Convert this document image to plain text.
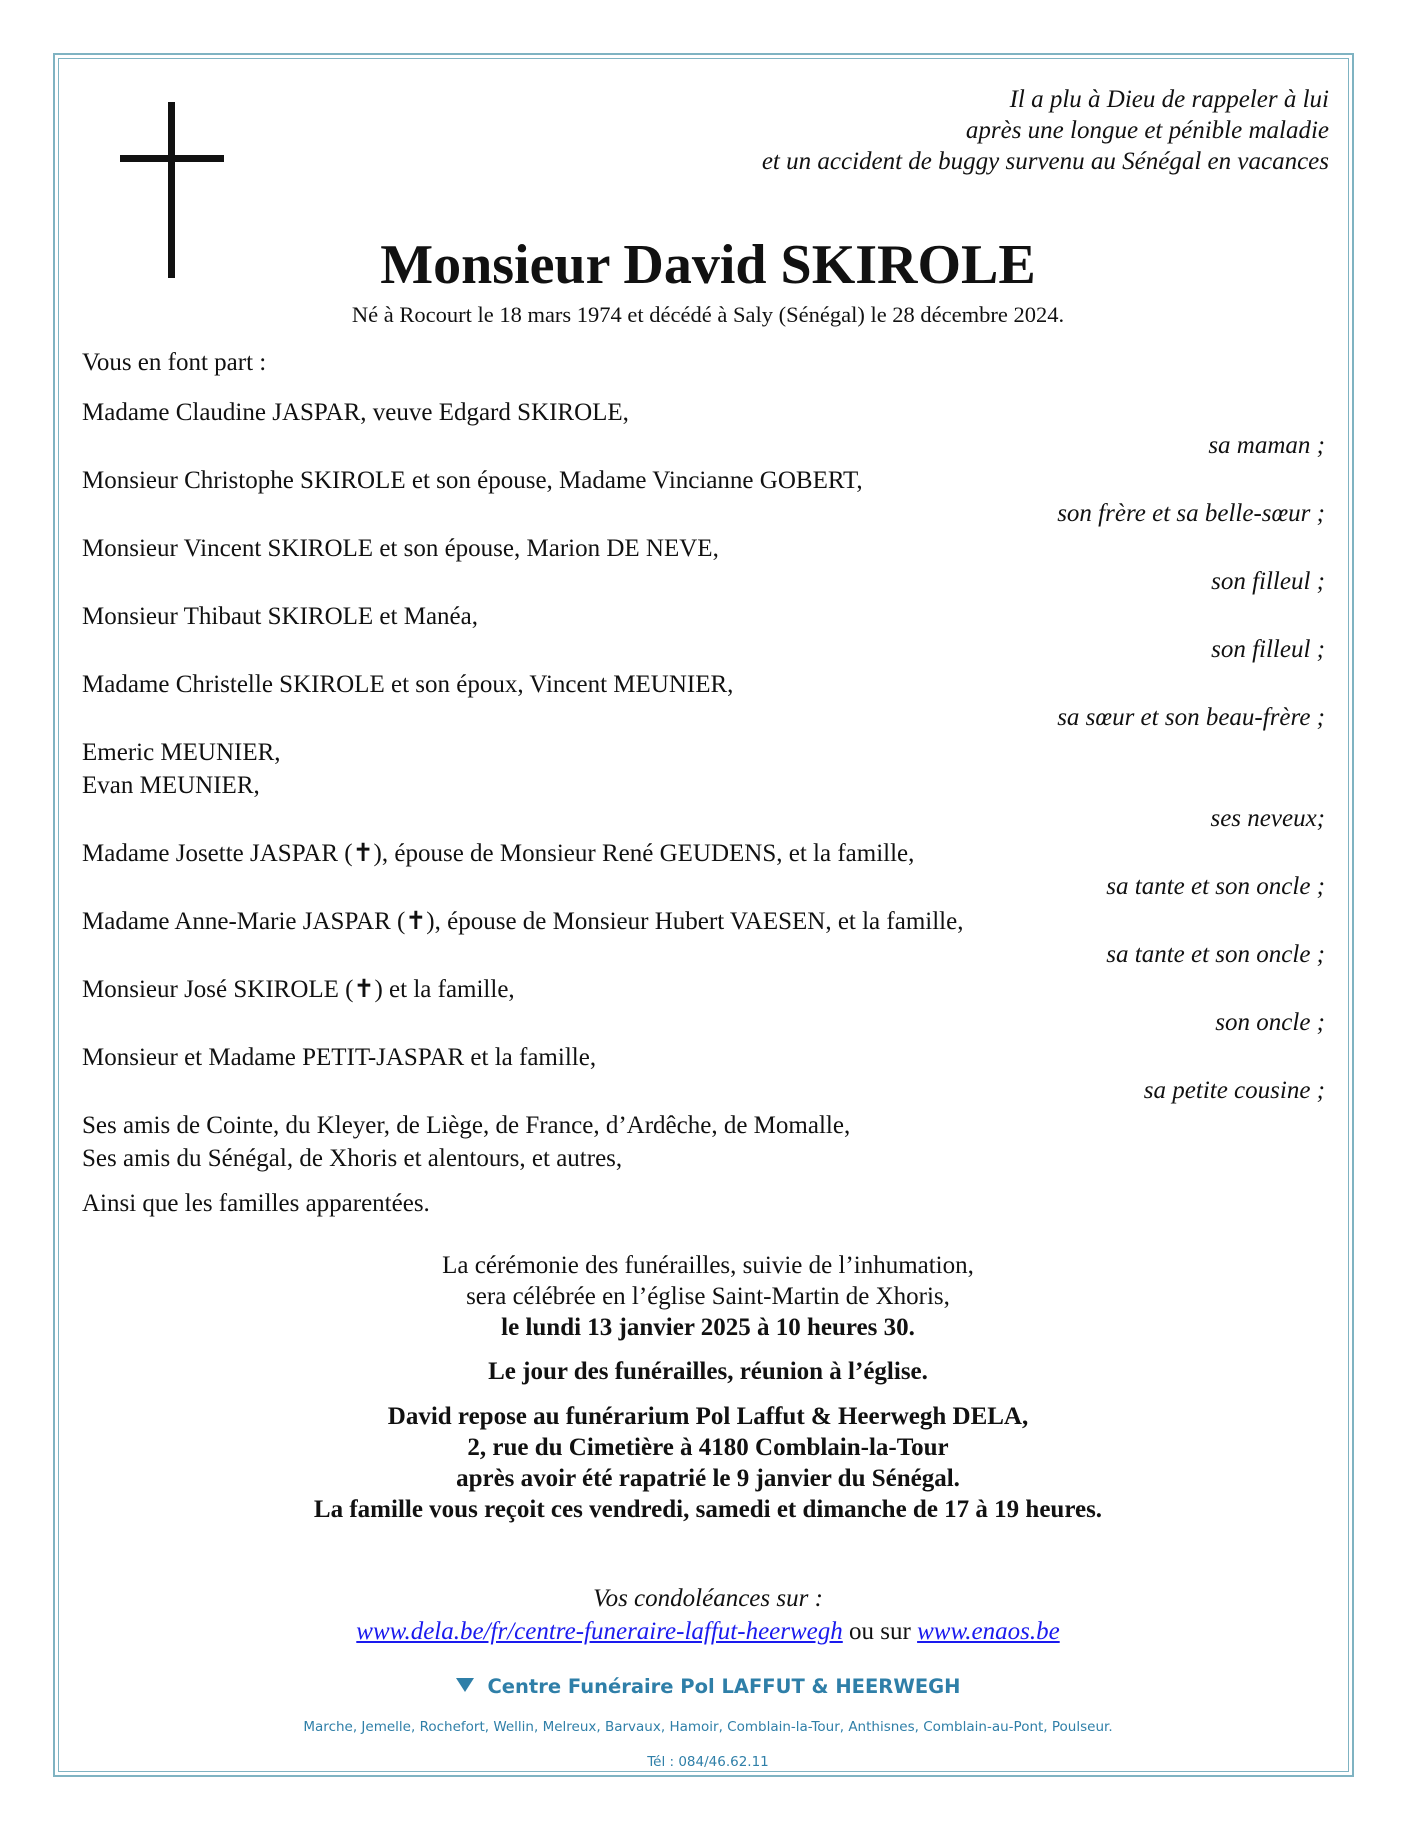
Il a plu à Dieu de rappeler à lui
après une longue et pénible maladie
et un accident de buggy survenu au Sénégal en vacances
Monsieur David SKIROLE
Né à Rocourt le 18 mars 1974 et décédé à Saly (Sénégal) le 28 décembre 2024.
Vous en font part :
Madame Claudine JASPAR, veuve Edgard SKIROLE,
sa maman ;
Monsieur Christophe SKIROLE et son épouse, Madame Vincianne GOBERT,
son frère et sa belle-sœur ;
Monsieur Vincent SKIROLE et son épouse, Marion DE NEVE,
son filleul ;
Monsieur Thibaut SKIROLE et Manéa,
son filleul ;
Madame Christelle SKIROLE et son époux, Vincent MEUNIER,
sa sœur et son beau-frère ;
Emeric MEUNIER,
Evan MEUNIER,
ses neveux;
Madame Josette JASPAR (✝), épouse de Monsieur René GEUDENS, et la famille,
sa tante et son oncle ;
Madame Anne-Marie JASPAR (✝), épouse de Monsieur Hubert VAESEN, et la famille,
sa tante et son oncle ;
Monsieur José SKIROLE (✝) et la famille,
son oncle ;
Monsieur et Madame PETIT-JASPAR et la famille,
sa petite cousine ;
Ses amis de Cointe, du Kleyer, de Liège, de France, d’Ardêche, de Momalle,
Ses amis du Sénégal, de Xhoris et alentours, et autres,
Ainsi que les familles apparentées.
La cérémonie des funérailles, suivie de l’inhumation,
sera célébrée en l’église Saint-Martin de Xhoris,
le lundi 13 janvier 2025 à 10 heures 30.
Le jour des funérailles, réunion à l’église.
David repose au funérarium Pol Laffut & Heerwegh DELA,
2, rue du Cimetière à 4180 Comblain-la-Tour
après avoir été rapatrié le 9 janvier du Sénégal.
La famille vous reçoit ces vendredi, samedi et dimanche de 17 à 19 heures.
Vos condoléances sur :
www.dela.be/fr/centre-funeraire-laffut-heerwegh ou sur www.enaos.be
Centre Funéraire Pol LAFFUT & HEERWEGH
Marche, Jemelle, Rochefort, Wellin, Melreux, Barvaux, Hamoir, Comblain-la-Tour, Anthisnes, Comblain-au-Pont, Poulseur.
Tél : 084/46.62.11
